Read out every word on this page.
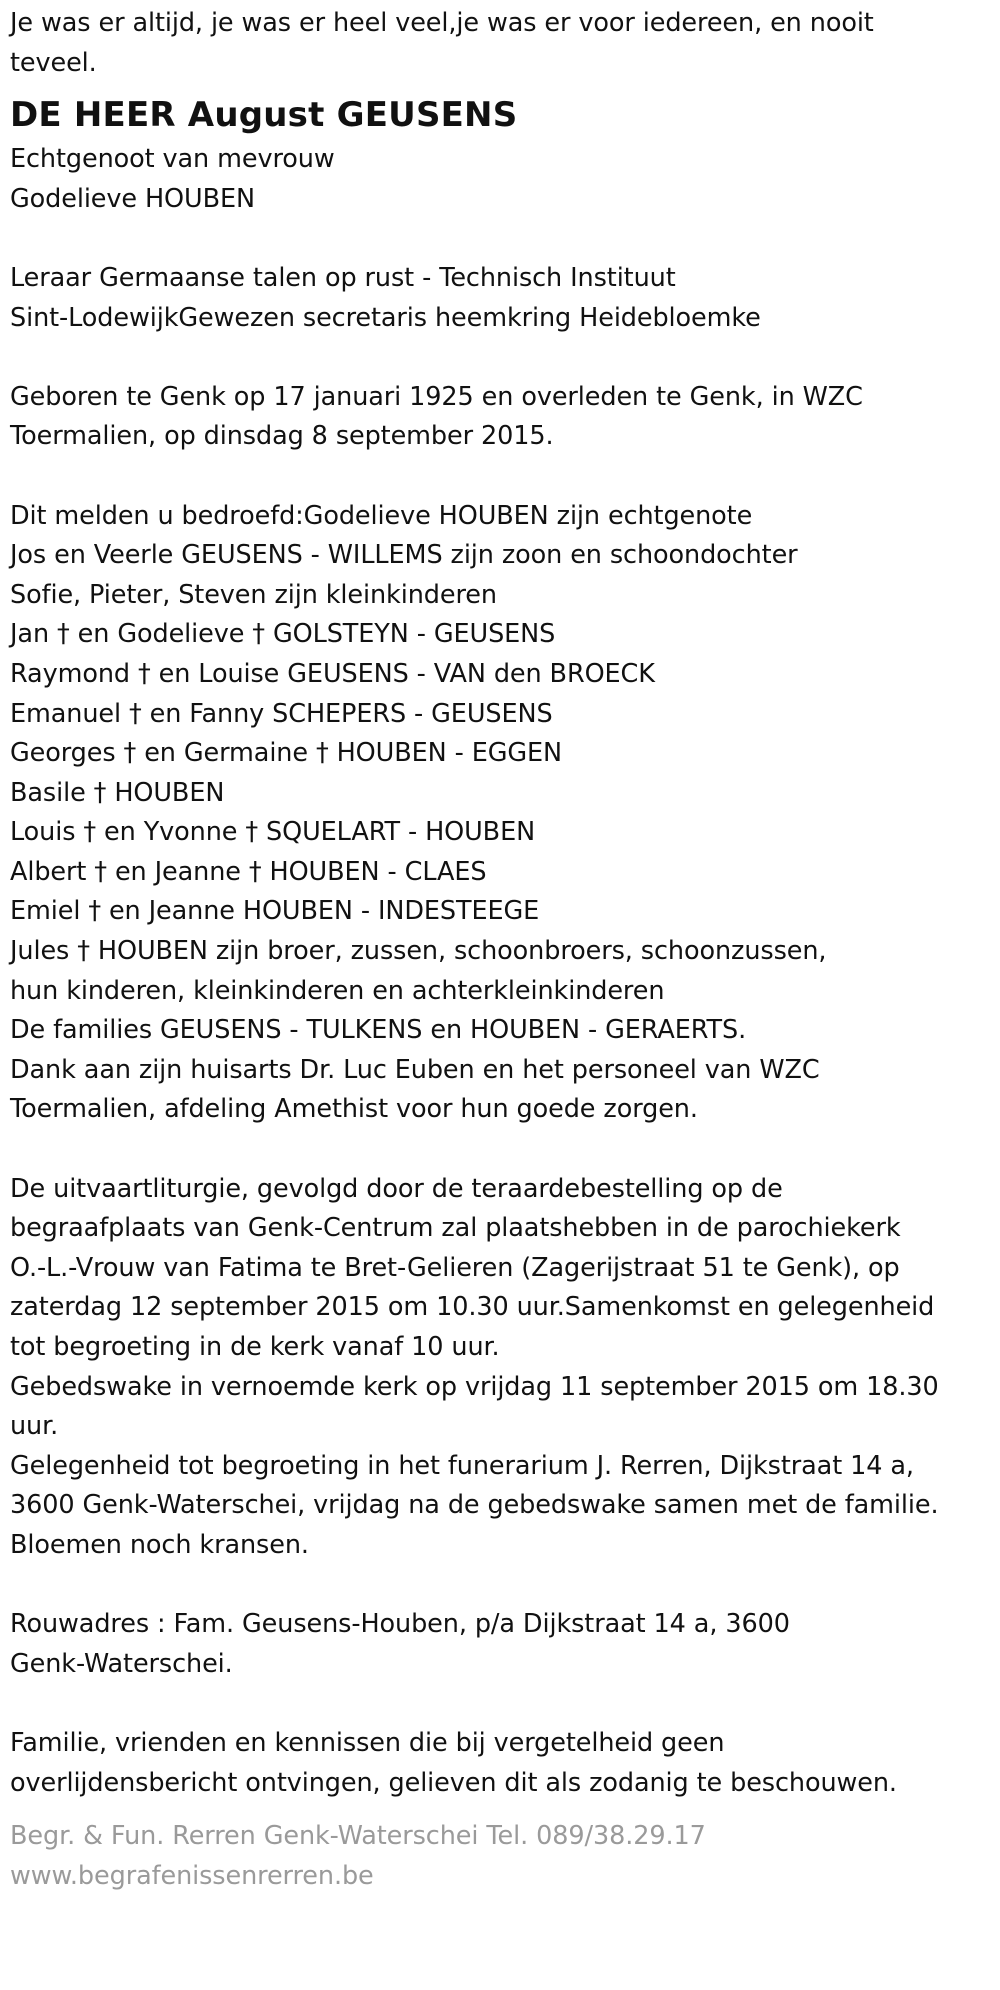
Je was er altijd, je was er heel veel,je was er voor iedereen, en nooit
teveel.
DE HEER August GEUSENS
Echtgenoot van mevrouw
Godelieve HOUBEN
Leraar Germaanse talen op rust - Technisch Instituut
Sint-LodewijkGewezen secretaris heemkring Heidebloemke
Geboren te Genk op 17 januari 1925 en overleden te Genk, in WZC
Toermalien, op dinsdag 8 september 2015.
Dit melden u bedroefd:Godelieve HOUBEN zijn echtgenote
Jos en Veerle GEUSENS - WILLEMS zijn zoon en schoondochter
Sofie, Pieter, Steven zijn kleinkinderen
Jan † en Godelieve † GOLSTEYN - GEUSENS
Raymond † en Louise GEUSENS - VAN den BROECK
Emanuel † en Fanny SCHEPERS - GEUSENS
Georges † en Germaine † HOUBEN - EGGEN
Basile † HOUBEN
Louis † en Yvonne † SQUELART - HOUBEN
Albert † en Jeanne † HOUBEN - CLAES
Emiel † en Jeanne HOUBEN - INDESTEEGE
Jules † HOUBEN zijn broer, zussen, schoonbroers, schoonzussen,
hun kinderen, kleinkinderen en achterkleinkinderen
De families GEUSENS - TULKENS en HOUBEN - GERAERTS.
Dank aan zijn huisarts Dr. Luc Euben en het personeel van WZC
Toermalien, afdeling Amethist voor hun goede zorgen.
De uitvaartliturgie, gevolgd door de teraardebestelling op de
begraafplaats van Genk-Centrum zal plaatshebben in de parochiekerk
O.-L.-Vrouw van Fatima te Bret-Gelieren (Zagerijstraat 51 te Genk), op
zaterdag 12 september 2015 om 10.30 uur.Samenkomst en gelegenheid
tot begroeting in de kerk vanaf 10 uur.
Gebedswake in vernoemde kerk op vrijdag 11 september 2015 om 18.30
uur.
Gelegenheid tot begroeting in het funerarium J. Rerren, Dijkstraat 14 a,
3600 Genk-Waterschei, vrijdag na de gebedswake samen met de familie.
Bloemen noch kransen.
Rouwadres : Fam. Geusens-Houben, p/a Dijkstraat 14 a, 3600
Genk-Waterschei.
Familie, vrienden en kennissen die bij vergetelheid geen
overlijdensbericht ontvingen, gelieven dit als zodanig te beschouwen.
Begr. & Fun. Rerren Genk-Waterschei Tel. 089/38.29.17
www.begrafenissenrerren.be
